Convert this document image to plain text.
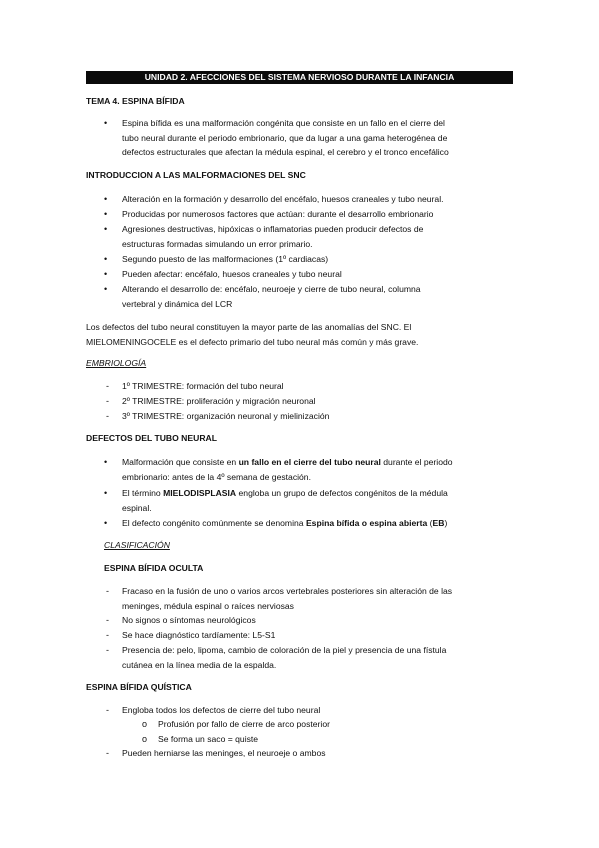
UNIDAD 2. AFECCIONES DEL SISTEMA NERVIOSO DURANTE LA INFANCIA
TEMA 4. ESPINA BÍFIDA
•
Espina bífida es una malformación congénita que consiste en un fallo en el cierre del
tubo neural durante el periodo embrionario, que da lugar a una gama heterogénea de
defectos estructurales que afectan la médula espinal, el cerebro y el tronco encefálico
INTRODUCCION A LAS MALFORMACIONES DEL SNC
•
Alteración en la formación y desarrollo del encéfalo, huesos craneales y tubo neural.
•
Producidas por numerosos factores que actúan: durante el desarrollo embrionario
•
Agresiones destructivas, hipóxicas o inflamatorias pueden producir defectos de
estructuras formadas simulando un error primario.
•
Segundo puesto de las malformaciones (1º cardiacas)
•
Pueden afectar: encéfalo, huesos craneales y tubo neural
•
Alterando el desarrollo de: encéfalo, neuroeje y cierre de tubo neural, columna
vertebral y dinámica del LCR
Los defectos del tubo neural constituyen la mayor parte de las anomalías del SNC. El
MIELOMENINGOCELE es el defecto primario del tubo neural más común y más grave.
EMBRIOLOGÍA
-
1º TRIMESTRE: formación del tubo neural
-
2º TRIMESTRE: proliferación y migración neuronal
-
3º TRIMESTRE: organización neuronal y mielinización
DEFECTOS DEL TUBO NEURAL
•
Malformación que consiste en un fallo en el cierre del tubo neural durante el periodo
embrionario: antes de la 4º semana de gestación.
•
El término MIELODISPLASIA engloba un grupo de defectos congénitos de la médula
espinal.
•
El defecto congénito comúnmente se denomina Espina bífida o espina abierta (EB)
CLASIFICACIÓN
ESPINA BÍFIDA OCULTA
-
Fracaso en la fusión de uno o varios arcos vertebrales posteriores sin alteración de las
meninges, médula espinal o raíces nerviosas
-
No signos o síntomas neurológicos
-
Se hace diagnóstico tardíamente: L5-S1
-
Presencia de: pelo, lipoma, cambio de coloración de la piel y presencia de una fístula
cutánea en la línea media de la espalda.
ESPINA BÍFIDA QUÍSTICA
-
Engloba todos los defectos de cierre del tubo neural
o
Profusión por fallo de cierre de arco posterior
o
Se forma un saco = quiste
-
Pueden herniarse las meninges, el neuroeje o ambos
